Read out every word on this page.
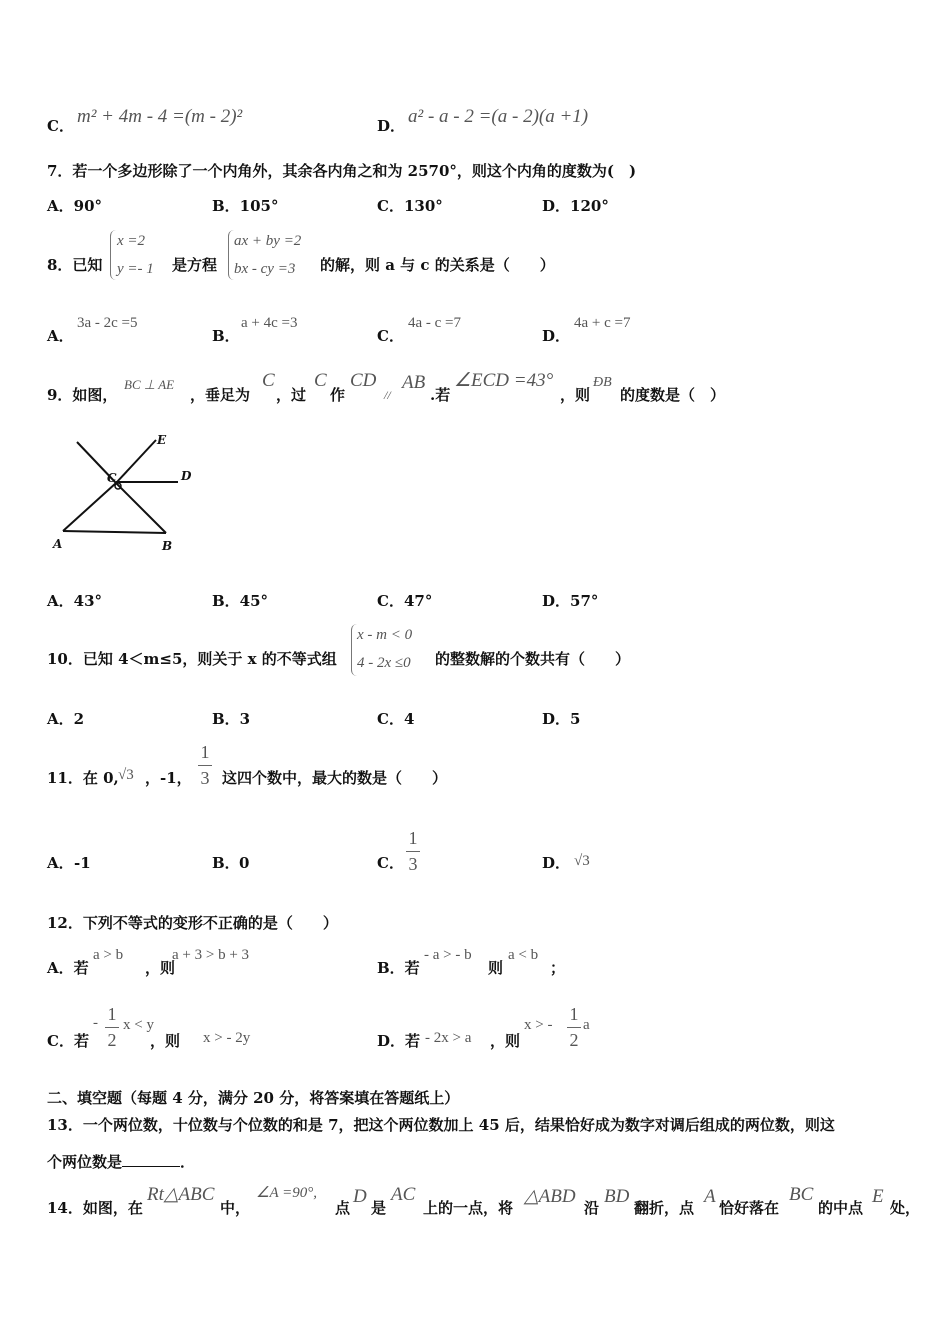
C． m² + 4m - 4 =(m - 2)²	D． a² - a - 2 =(a - 2)(a +1)
7．若一个多边形除了一个内角外，其余各内角之和为 2570°，则这个内角的度数为(　)
A．90°	B．105°	C．130°	D．120°
8．已知
x =2
y =- 1 是方程
ax + by =2
bx - cy =3 的解，则 a 与 c 的关系是（　　）
A．
3a - 2c =5
B．
a + 4c =3
C．
4a - c =7
D．
4a + c =7
9．如图，
BC ⊥ AE
，垂足为
C
，过
C
作
CD
//
AB
.若
∠ECD =43°
，则
ÐB
的度数是（　）
E
C	D
A	B
A．43°	B．45°	C．47°	D．57°
10．已知 4＜m≤5，则关于 x 的不等式组
x - m < 0
4 - 2x ≤0 的整数解的个数共有（　　）
A．2	B．3	C．4	D．5
11．在 0, √3 ，-1，
1
3 这四个数中，最大的数是（　　）
A． -1	B． 0	C．
1
3	D． √3
12．下列不等式的变形不正确的是（　　）
A．若
a > b
，则
a + 3 > b + 3
B．若
- a > - b
则
a < b
；
C．若
- 1
2
x < y
，则 x > - 2y	D．若 - 2x > a ，则
x > -
1
2
a
二、填空题（每题 4 分，满分 20 分，将答案填在答题纸上）
13．一个两位数，十位数与个位数的和是 7，把这个两位数加上 45 后，结果恰好成为数字对调后组成的两位数，则这
个两位数是	．
14．如图，在
Rt△ABC
中，
∠A =90°,
点
D
是
AC
上的一点，将
△ABD
沿
BD
翻折，点
A
恰好落在
BC
的中点
E
处，
